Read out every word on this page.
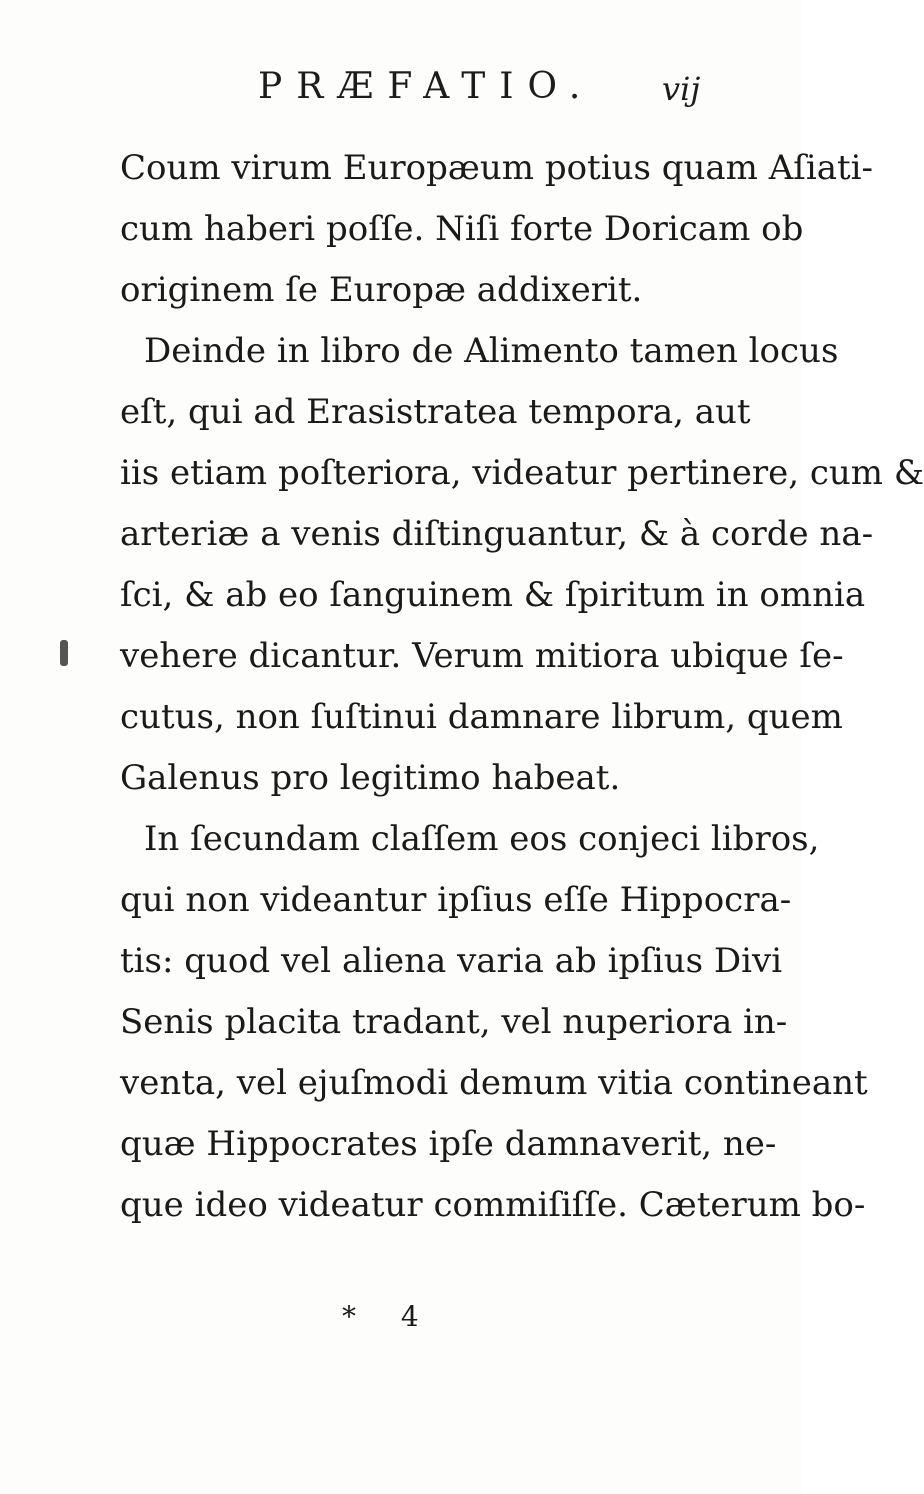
PRÆFATIO. vij
Coum virum Europæum potius quam Aſiati-
cum haberi poſſe. Niſi forte Doricam ob
originem ſe Europæ addixerit.
Deinde in libro de Alimento tamen locus
eſt, qui ad Erasistratea tempora, aut
iis etiam poſteriora, videatur pertinere, cum &
arteriæ a venis diſtinguantur, & à corde na-
ſci, & ab eo ſanguinem & ſpiritum in omnia
vehere dicantur. Verum mitiora ubique ſe-
cutus, non ſuſtinui damnare librum, quem
Galenus pro legitimo habeat.
In ſecundam claſſem eos conjeci libros,
qui non videantur ipſius eſſe Hippocra-
tis: quod vel aliena varia ab ipſius Divi
Senis placita tradant, vel nuperiora in-
venta, vel ejuſmodi demum vitia contineant
quæ Hippocrates ipſe damnaverit, ne-
que ideo videatur commiſiſſe. Cæterum bo-
* 4
